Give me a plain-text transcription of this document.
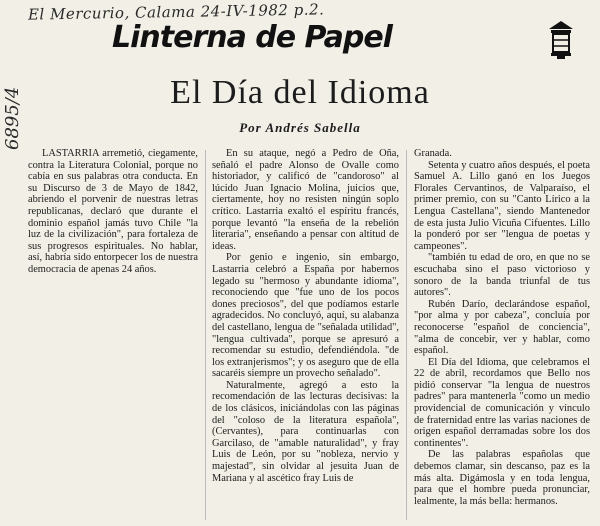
El Mercurio, Calama 24-IV-1982 p.2.
6895/4
Linterna de Papel
El Día del Idioma
Por Andrés Sabella

LASTARRIA arremetió, ciegamente, contra la Literatura Colonial, porque no cabía en sus palabras otra conducta. En su Discurso de 3 de Mayo de 1842, abriendo el porvenir de nuestras letras republicanas, declaró que durante el dominio español jamás tuvo Chile "la luz de la civilización", para fortaleza de sus progresos espirituales. No hablar, así, habría sido entorpecer los de nuestra democracia de apenas 24 años.

En su ataque, negó a Pedro de Oña, señaló el padre Alonso de Ovalle como historiador, y calificó de "candoroso" al lúcido Juan Ignacio Molina, juicios que, ciertamente, hoy no resisten ningún soplo crítico. Lastarria exaltó el espíritu francés, porque levantó "la enseña de la rebelión literaria", enseñando a pensar con altitud de ideas.

Por genio e ingenio, sin embargo, Lastarria celebró a España por habernos legado su "hermoso y abundante idioma", reconociendo que "fue uno de los pocos dones preciosos", del que podíamos estarle agradecidos. No concluyó, aquí, su alabanza del castellano, lengua de "señalada utilidad", "lengua cultivada", porque se apresuró a recomendar su estudio, defendiéndola. "de los extranjerismos"; y os aseguro que de ella sacaréis siempre un provecho señalado".

Naturalmente, agregó a esto la recomendación de las lecturas decisivas: la de los clásicos, iniciándolas con las páginas del "coloso de la literatura española", (Cervantes), para continuarlas con Garcilaso, de "amable naturalidad", y fray Luis de León, por su "nobleza, nervio y majestad", sin olvidar al jesuita Juan de Mariana y al ascético fray Luis de

Granada.

Setenta y cuatro años después, el poeta Samuel A. Lillo ganó en los Juegos Florales Cervantinos, de Valparaíso, el primer premio, con su "Canto Lírico a la Lengua Castellana", siendo Mantenedor de esta justa Julio Vicuña Cifuentes. Lillo la ponderó por ser "lengua de poetas y campeones".

"también tu edad de oro, en que no se escuchaba sino el paso victorioso y sonoro de la banda triunfal de tus autores".

Rubén Darío, declarándose español, "por alma y por cabeza", concluía por reconocerse "español de conciencia", "alma de concebir, ver y hablar, como español.

El Día del Idioma, que celebramos el 22 de abril, recordamos que Bello nos pidió conservar "la lengua de nuestros padres" para mantenerla "como un medio providencial de comunicación y vínculo de fraternidad entre las varias naciones de origen español derramadas sobre los dos continentes".

De las palabras españolas que debemos clamar, sin descanso, paz es la más alta. Digámosla y en toda lengua, para que el hombre pueda pronunciar, lealmente, la más bella: hermanos.
